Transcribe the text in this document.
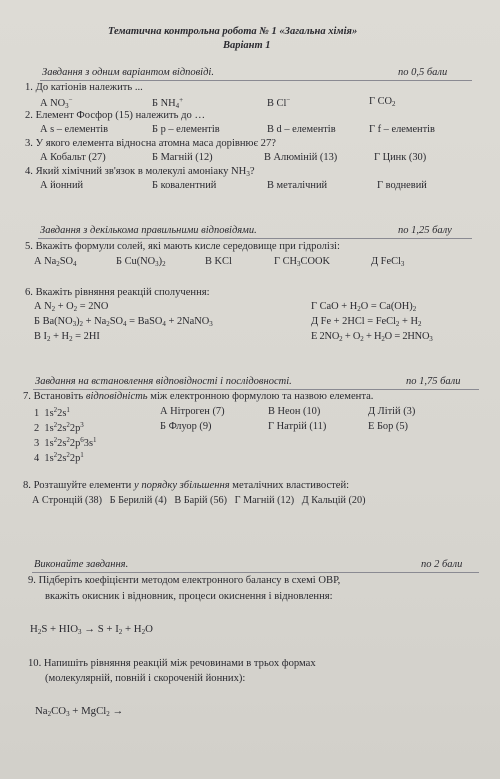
Тематична контрольна робота № 1 «Загальна хімія»
Варіант 1
Завдання з одним варіантом відповіді.	по 0,5 бали
1. До катіонів належить ...
А $NO_3^-$	Б $NH_4^+$	В Cl−	Г $CO_2$
2. Елемент Фосфор (15) належить до …
А s – елементів	Б p – елементів	В d – елементів	Г f – елементів
3. У якого елемента відносна атомна маса дорівнює 27?
А Кобальт (27)	Б Магній (12)	В Алюміній (13)	Г Цинк (30)
4. Який хімічний зв'язок в молекулі амоніаку $NH_3$?
А йонний	Б ковалентний	В металічний	Г водневий
Завдання з декількома правильними відповідями.	по 1,25 балу
5. Вкажіть формули солей, які мають кисле середовище при гідролізі:
А $Na_2SO_4$	Б $Cu(NO_3)_2$	В KCl	Г $CH_3COOK$	Д FeCl$_3$
6. Вкажіть рівняння реакцій сполучення:
А $N_2 + O_2 = 2NO$
Б $Ba(NO_3)_2 + Na_2SO_4$ = BaSO$_4$ + 2NaNO$_3$
В $I_2 + H_2 = 2HI$
Г CaO + $H_2O = Ca(OH)_2$
Д Fe + 2HCl = FeCl$_2$ + $H_2$
Е $2NO_2 + O_2 + H_2O = 2HNO_3$
Завдання на встановлення відповідності і послідовності.	по 1,75 бали
7. Встановіть відповідність між електронною формулою та назвою елемента.
1 $1s^22s^1$
2 $1s^22s^22p^3$
3 $1s^22s^22p^63s^1$
4 $1s^22s^22p^1$
А Нітроген (7)
Б Флуор (9)
В Неон (10)
Г Натрій (11)
Д Літій (3)
Е Бор (5)
8. Розташуйте елементи у порядку збільшення металічних властивостей:
А Стронцій (38)   Б Берилій (4)   В Барій (56)   Г Магній (12)   Д Кальцій (20)
Виконайте завдання.	по 2 бали
9. Підберіть коефіцієнти методом електронного балансу в схемі ОВР,
вкажіть окисник і відновник, процеси окиснення і відновлення:
$H_2S + HIO_3 \to S + I_2 + H_2O$
10. Напишіть рівняння реакцій між речовинами в трьох формах
(молекулярній, повній і скороченій йонних):
$Na_2CO_3$ + MgCl$_2$ →
